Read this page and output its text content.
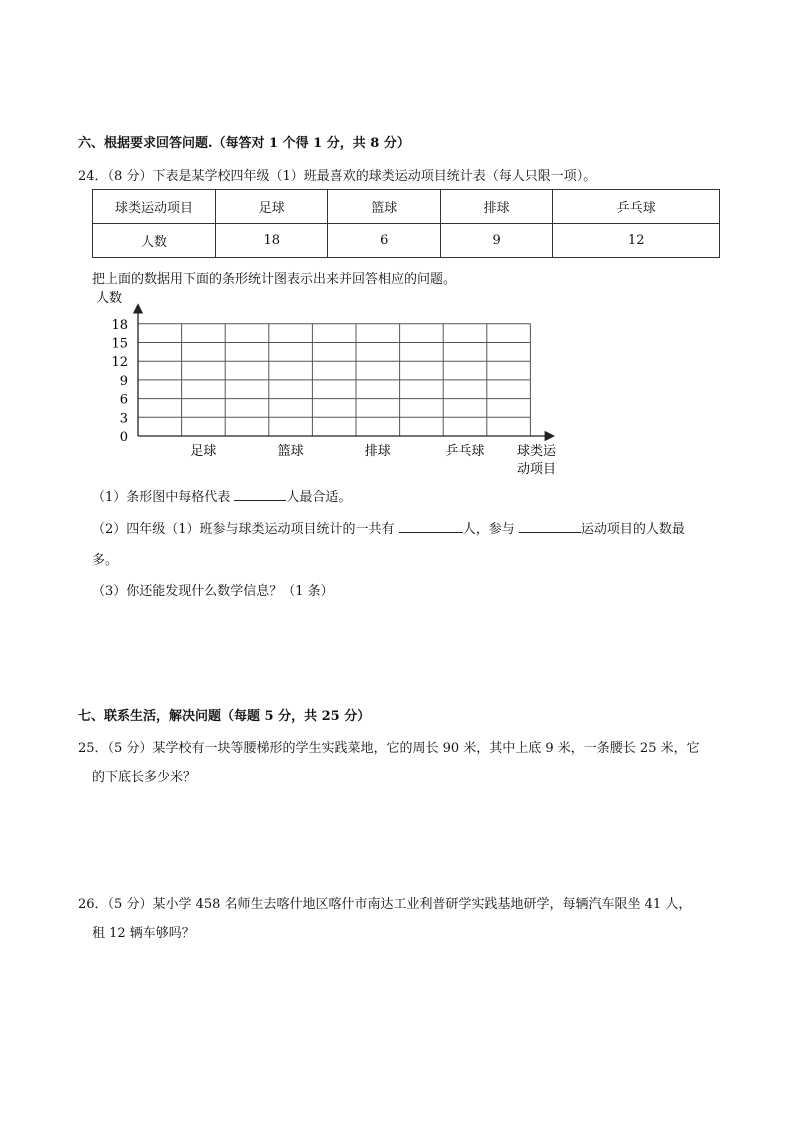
六、根据要求回答问题.（每答对 1 个得 1 分，共 8 分）
24．（8 分）下表是某学校四年级（1）班最喜欢的球类运动项目统计表（每人只限一项）。
球类运动项目	足球	篮球	排球	乒乓球
人数	18	6	9	12
把上面的数据用下面的条形统计图表示出来并回答相应的问题。
18
15
12
9
6
3
0
足球	篮球	排球	乒乓球
人数
球类运
动项目
（1）条形图中每格代表	人最合适。
（2）四年级（1）班参与球类运动项目统计的一共有	人，参与	运动项目的人数最
多。
（3）你还能发现什么数学信息？（1 条）
七、联系生活，解决问题（每题 5 分，共 25 分）
25．（5 分）某学校有一块等腰梯形的学生实践菜地，它的周长 90 米，其中上底 9 米，一条腰长 25 米，它
的下底长多少米？
26．（5 分）某小学 458 名师生去喀什地区喀什市南达工业利普研学实践基地研学，每辆汽车限坐 41 人，
租 12 辆车够吗？
